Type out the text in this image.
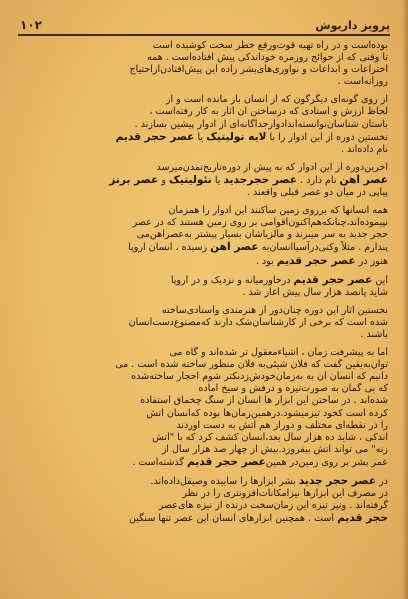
١٠٢	پرویز داریوش

بوده‌است و در راه تهیه قوت‌ورفع خطر سخت کوشیده است
تا وقتی که از حوائج روزمره خودآندکی پیش افتاده‌است . همه
اختراعات و ابداعات و نوآوری‌های‌بشر زاده این پیش‌افتادن‌ازاحتیاج
روزانه‌است .

از روی گونه‌ای دیگرگون که از انسان باز مانده است و از
لحاظ ارزش و استادی که درساختن آن آثار به کار رفته‌است ،
باستان شناسان‌توانسته‌اند‌ادوار‌جداگانه‌ای از ادوار پیشین بسازند .
نخستین دوره از این ادوار را با لایه نولیتیک یا عصر حجر قدیم
نام داده‌اند .

آخرین‌دوره از این ادوار که به پیش از دوره‌تاریخ‌تمدن‌میرسد
عصر آهن نام دارد . عصر حجرجدید یا نئولیتیک و عصر برنز
پیاپی در میان دو عصر قبلی واقعند .

همه انسانها که برروی زمین ساکنند این ادوار را همزمان
نپیموده‌اند،چنانکه‌هم‌اکنون‌اقوامی بر روی زمین هستند که در عصر
حجر جدید به سر میبرند و مالزیاشان بسیار پیشتر به‌عصرآهن‌می
پندارم . مثلاً وکتی‌درآسیا‌انسان‌به عصر آهن رسیده ، انسان اروپا
هنوز در عصر حجر قدیم بود .

این عصر حجر قدیم درخاورمیانه و نزدیک و در اروپا
شاید پانصد هزار سال پیش آغاز شد .

نخستین آثار این دوره چنان‌دور از هنرمندی واستادی‌ساخته
شده است که برخی از کارشناسان‌شک دارند که‌مصنوع‌دست‌انسان
باشند .

اما به پیشرفت زمان ، اشیاءمعقول تر شده‌اند و گاه می
توان‌به‌یقین گفت که فلان شیئی‌به فلان منظور ساخته شده است . می
دانیم که انسان آن به به‌زمان‌خودش‌زدنکتر شوم احجار ساخته‌شده
که بی گمان به صورت‌تیزه و درفش و سیخ آماده
شده‌اند . در ساختن این ابزار ها انسان از سنگ چخماق استفاده
کرده است کخود تیز‌میشود.درهمین‌زمان‌ها بوده که‌انسان آتش
را در نقطه‌ای مختلف و دوراز هم آتش به دست آوردند
اندکی ، شاید ده هزار سال بعد،انسان کشف کرد که با "آتش
زنه" می تواند آتش بیفروزد.بیش از چهار صد هزار سال از
عمر بشر بر روی زمین‌در همین‌عصر حجر قدیم گذشته‌است .

در عصر حجر جدید بشر ابزار‌ها را ساییده وصیقل‌داده‌اند.
در مصرف این ابزار‌ها نیز‌امکانات‌افزونتری را در نظر
گرفته‌اند . ونیز تیزه این زمان‌سخت درنده از نیزه های‌عصر
حجر قدیم است . همچنین ابزار‌های انسان این عصر تنها سنگین
